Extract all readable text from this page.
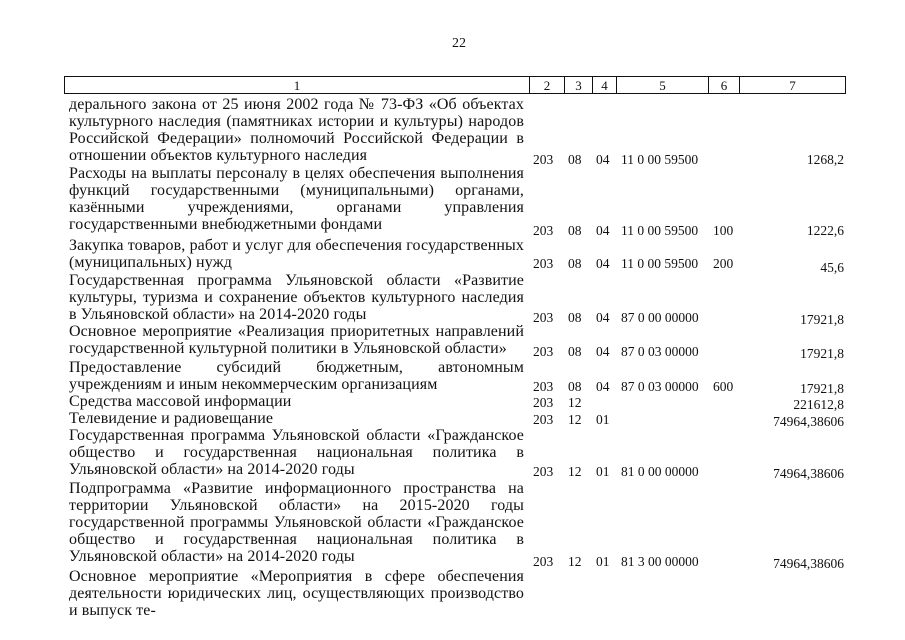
22
1	2	3	4	5	6	7
дерального закона от 25 июня 2002 года № 73-ФЗ «Об объектах культурного наследия (памятниках истории и культуры) народов Российской Федерации» полномочий Российской Федерации в отношении объектов культурного наследия	203 08 04 11 0 00 59500	1268,2
Расходы на выплаты персоналу в целях обеспечения выполнения функций государственными (муниципальными) органами, казёнными учреждениями, органами управления государственными внебюджетными фондами	203 08 04 11 0 00 59500 100	1222,6
Закупка товаров, работ и услуг для обеспечения государственных (муниципальных) нужд	203 08 04 11 0 00 59500 200	45,6
Государственная программа Ульяновской области «Развитие культуры, туризма и сохранение объектов культурного наследия в Ульяновской области» на 2014-2020 годы	203 08 04 87 0 00 00000	17921,8
Основное мероприятие «Реализация приоритетных направлений государственной культурной политики в Ульяновской области»	203 08 04 87 0 03 00000	17921,8
Предоставление субсидий бюджетным, автономным учреждениям и иным некоммерческим организациям	203 08 04 87 0 03 00000 600	17921,8
Средства массовой информации	203 12	221612,8
Телевидение и радиовещание	203 12 01	74964,38606
Государственная программа Ульяновской области «Гражданское общество и государственная национальная политика в Ульяновской области» на 2014-2020 годы	203 12 01 81 0 00 00000	74964,38606
Подпрограмма «Развитие информационного пространства на территории Ульяновской области» на 2015-2020 годы государственной программы Ульяновской области «Гражданское общество и государственная национальная политика в Ульяновской области» на 2014-2020 годы	203 12 01 81 3 00 00000	74964,38606
Основное мероприятие «Мероприятия в сфере обеспечения деятельности юридических лиц, осуществляющих производство и выпуск те-
